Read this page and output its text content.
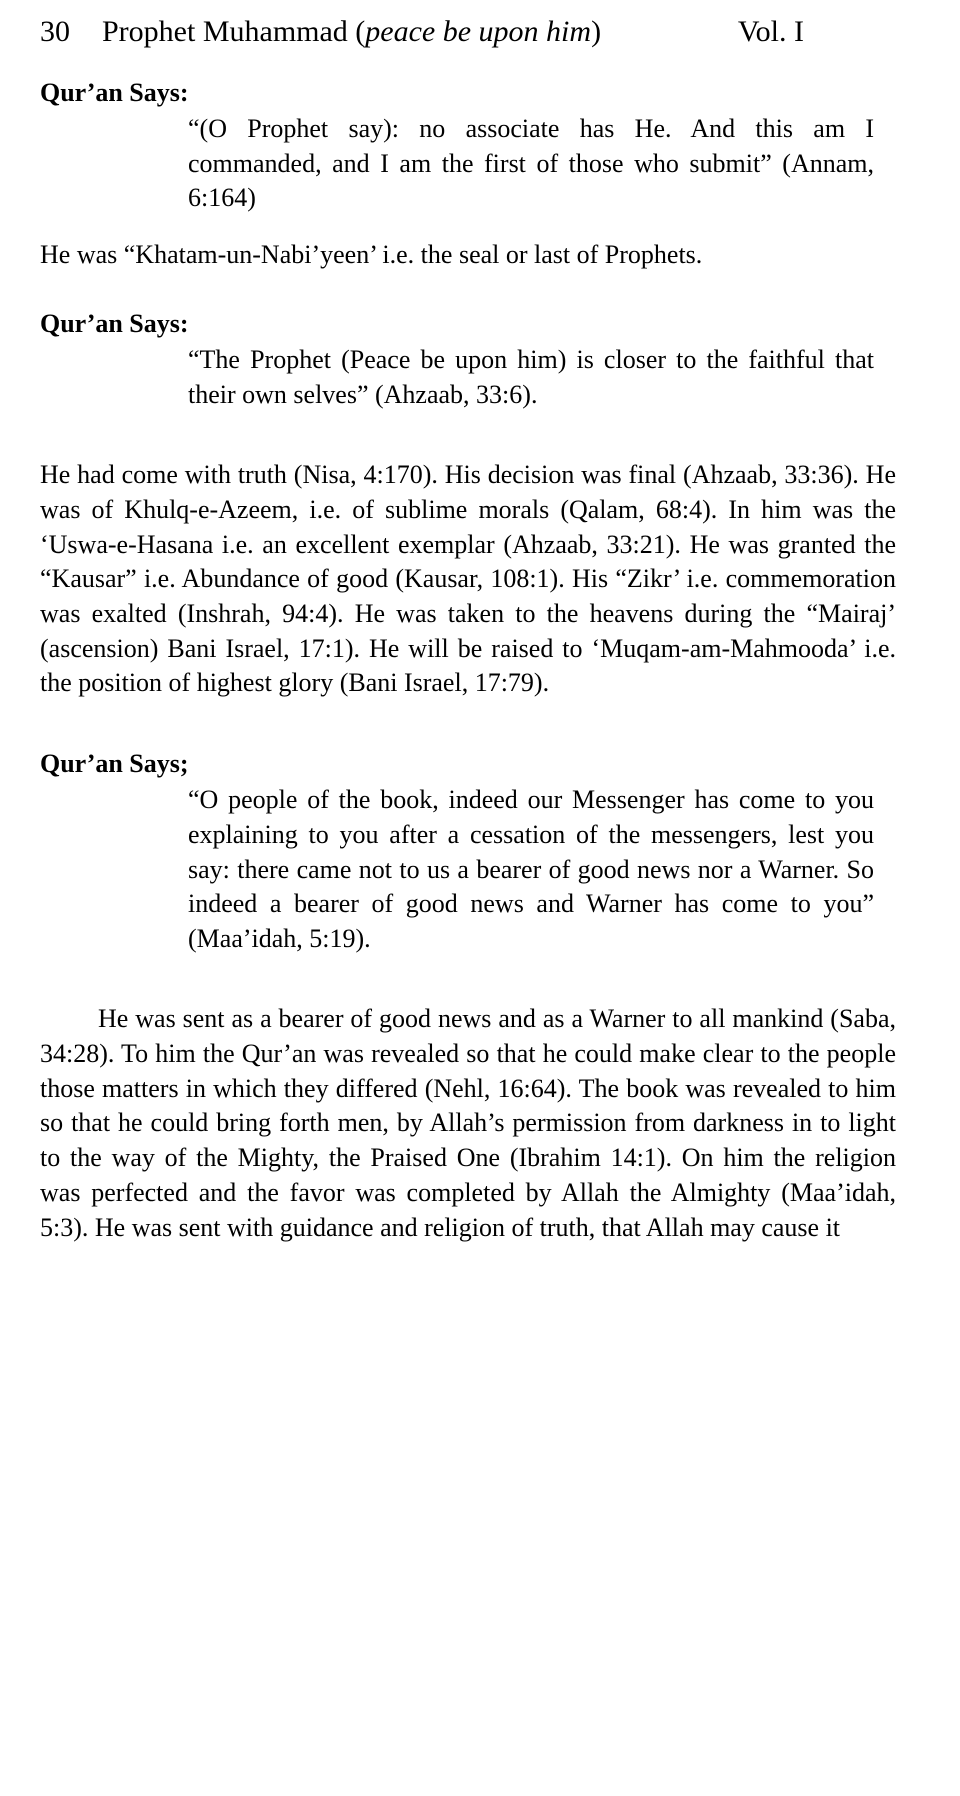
30	Prophet Muhammad (peace be upon him)	Vol. I

Qur’an Says:

“(O Prophet say): no associate has He. And this am I commanded, and I am the first of those who submit” (Annam, 6:164)

He was “Khatam-un-Nabi’yeen’ i.e. the seal or last of Prophets.

Qur’an Says:

“The Prophet (Peace be upon him) is closer to the faithful that their own selves” (Ahzaab, 33:6).

He had come with truth (Nisa, 4:170). His decision was final (Ahzaab, 33:36). He was of Khulq-e-Azeem, i.e. of sublime morals (Qalam, 68:4). In him was the ‘Uswa-e-Hasana i.e. an excellent exemplar (Ahzaab, 33:21). He was granted the “Kausar” i.e. Abundance of good (Kausar, 108:1). His “Zikr’ i.e. commemoration was exalted (Inshrah, 94:4). He was taken to the heavens during the “Mairaj’ (ascension) Bani Israel, 17:1). He will be raised to ‘Muqam-am-Mahmooda’ i.e. the position of highest glory (Bani Israel, 17:79).

Qur’an Says;

“O people of the book, indeed our Messenger has come to you explaining to you after a cessation of the messengers, lest you say: there came not to us a bearer of good news nor a Warner. So indeed a bearer of good news and Warner has come to you” (Maa’idah, 5:19).

He was sent as a bearer of good news and as a Warner to all mankind (Saba, 34:28). To him the Qur’an was revealed so that he could make clear to the people those matters in which they differed (Nehl, 16:64). The book was revealed to him so that he could bring forth men, by Allah’s permission from darkness in to light to the way of the Mighty, the Praised One (Ibrahim 14:1). On him the religion was perfected and the favor was completed by Allah the Almighty (Maa’idah, 5:3). He was sent with guidance and religion of truth, that Allah may cause it
